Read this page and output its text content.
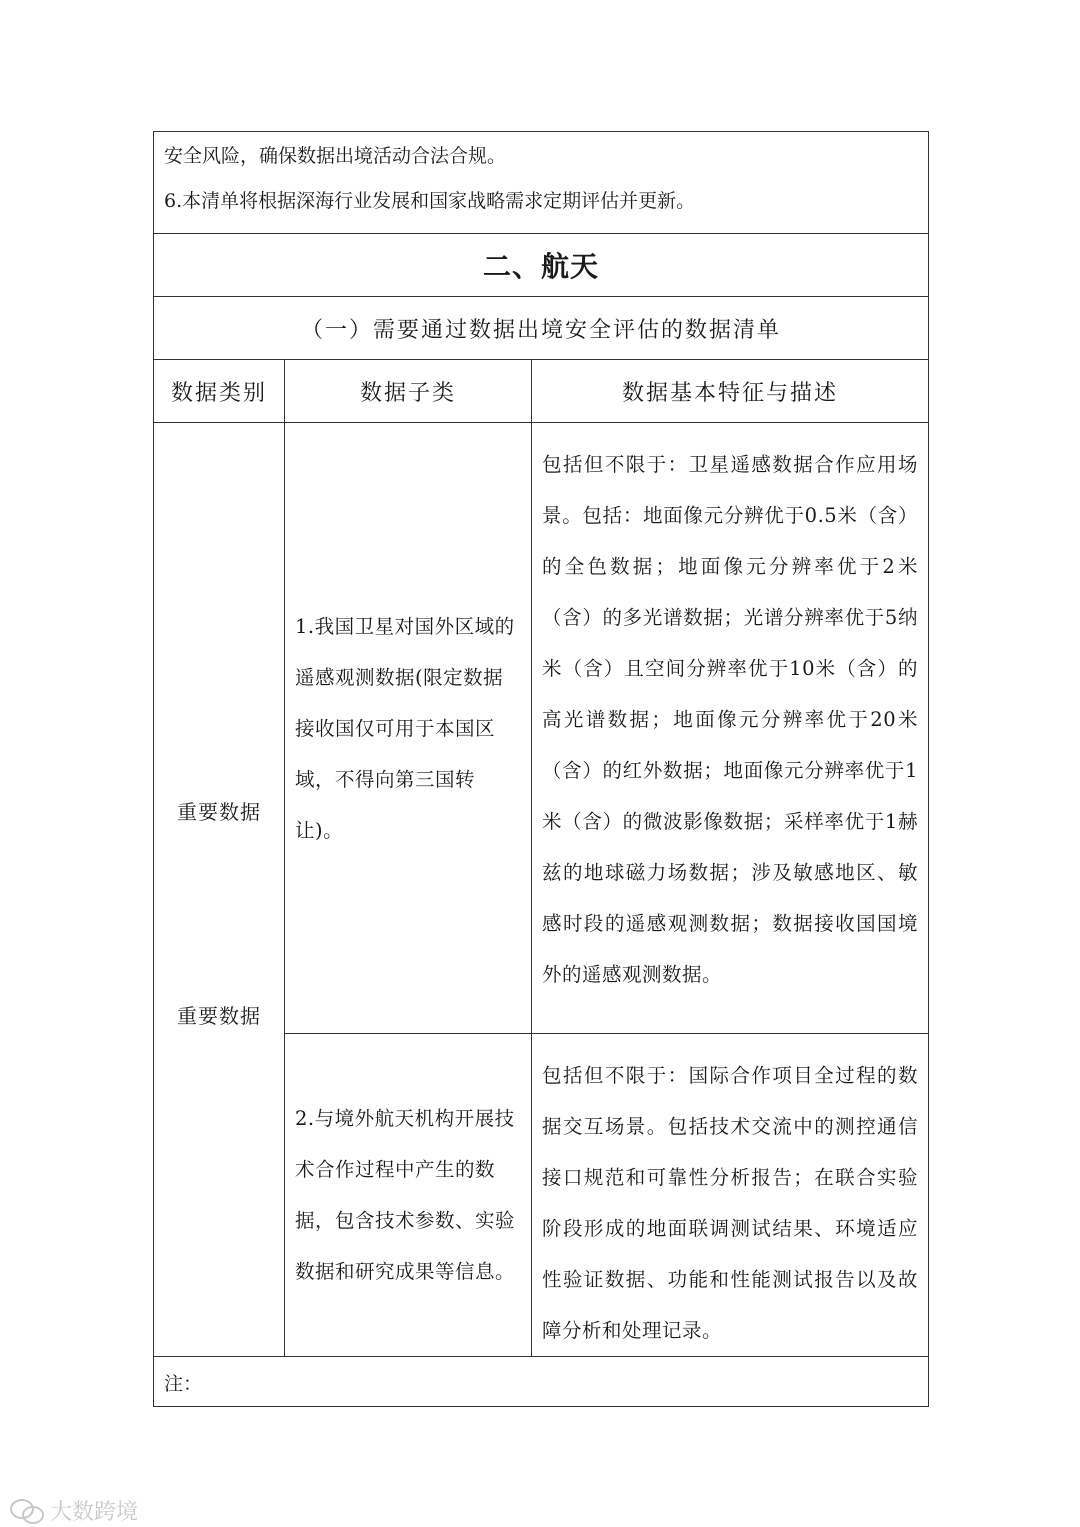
安全风险，确保数据出境活动合法合规。

6.本清单将根据深海行业发展和国家战略需求定期评估并更新。		

二、航天		
（一）需要通过数据出境安全评估的数据清单		
数据类别	数据子类	数据基本特征与描述

重要数据
重要数据	1.我国卫星对国外区域的遥感观测数据(限定数据接收国仅可用于本国区域，不得向第三国转让)。	包括但不限于：卫星遥感数据合作应用场景。包括：地面像元分辨优于0.5米（含）的全色数据；地面像元分辨率优于2米（含）的多光谱数据；光谱分辨率优于5纳米（含）且空间分辨率优于10米（含）的高光谱数据；地面像元分辨率优于20米（含）的红外数据；地面像元分辨率优于1米（含）的微波影像数据；采样率优于1赫兹的地球磁力场数据；涉及敏感地区、敏感时段的遥感观测数据；数据接收国国境外的遥感观测数据。

	2.与境外航天机构开展技术合作过程中产生的数据，包含技术参数、实验数据和研究成果等信息。	包括但不限于：国际合作项目全过程的数据交互场景。包括技术交流中的测控通信接口规范和可靠性分析报告；在联合实验阶段形成的地面联调测试结果、环境适应性验证数据、功能和性能测试报告以及故障分析和处理记录。

注：		
大数跨境
